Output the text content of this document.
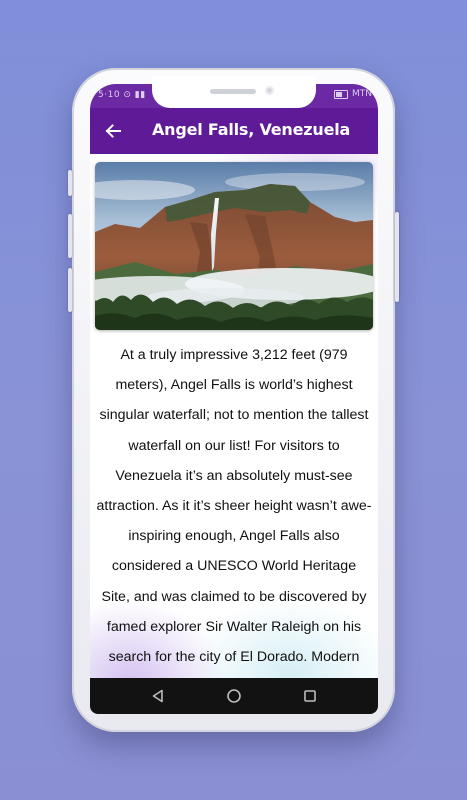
5·10 ⊙ ▮▮	MTN
Angel Falls, Venezuela

At a truly impressive 3,212 feet (979 meters), Angel Falls is world’s highest singular waterfall; not to mention the tallest waterfall on our list! For visitors to Venezuela it’s an absolutely must-see attraction. As it it’s sheer height wasn’t awe-inspiring enough, Angel Falls also considered a UNESCO World Heritage Site, and was claimed to be discovered by famed explorer Sir Walter Raleigh on his search for the city of El Dorado. Modern
